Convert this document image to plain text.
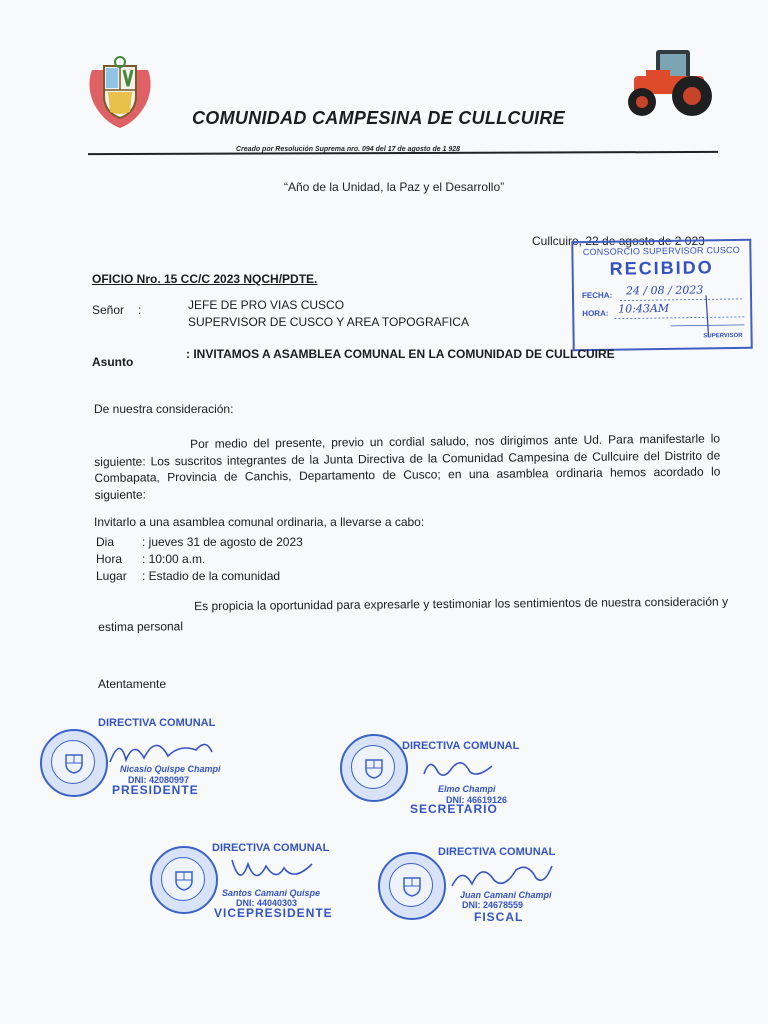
COMUNIDAD CAMPESINA DE CULLCUIRE
Creado por Resolución Suprema nro. 094 del 17 de agosto de 1 928
“Año de la Unidad, la Paz y el Desarrollo”
Cullcuire, 22 de agosto de 2 023
CONSORCIO SUPERVISOR CUSCO
RECIBIDO
FECHA: 24 / 08 / 2023
HORA: 10:43AM
SUPERVISOR
OFICIO Nro. 15 CC/C 2023 NQCH/PDTE.
Señor :	JEFE DE PRO VIAS CUSCO
SUPERVISOR DE CUSCO Y AREA TOPOGRAFICA
Asunto
: INVITAMOS A ASAMBLEA COMUNAL EN LA COMUNIDAD DE CULLCUIRE
De nuestra consideración:
Por medio del presente, previo un cordial saludo, nos dirigimos ante Ud. Para manifestarle lo siguiente: Los suscritos integrantes de la Junta Directiva de la Comunidad Campesina de Cullcuire del Distrito de Combapata, Provincia de Canchis, Departamento de Cusco; en una asamblea ordinaria hemos acordado lo siguiente:
Invitarlo a una asamblea comunal ordinaria, a llevarse a cabo:
Dia : jueves 31 de agosto de 2023
Hora : 10:00 a.m.
Lugar : Estadio de la comunidad
Es propicia la oportunidad para expresarle y testimoniar los sentimientos de nuestra consideración y estima personal
Atentamente
DIRECTIVA COMUNAL
Nicasio Quispe Champi
DNI: 42080997
PRESIDENTE
DIRECTIVA COMUNAL
Elmo Champi
DNI: 46619126
SECRETARIO
DIRECTIVA COMUNAL
Santos Camani Quispe
DNI: 44040303
VICEPRESIDENTE
DIRECTIVA COMUNAL
Juan Camani Champi
DNI: 24678559
FISCAL
